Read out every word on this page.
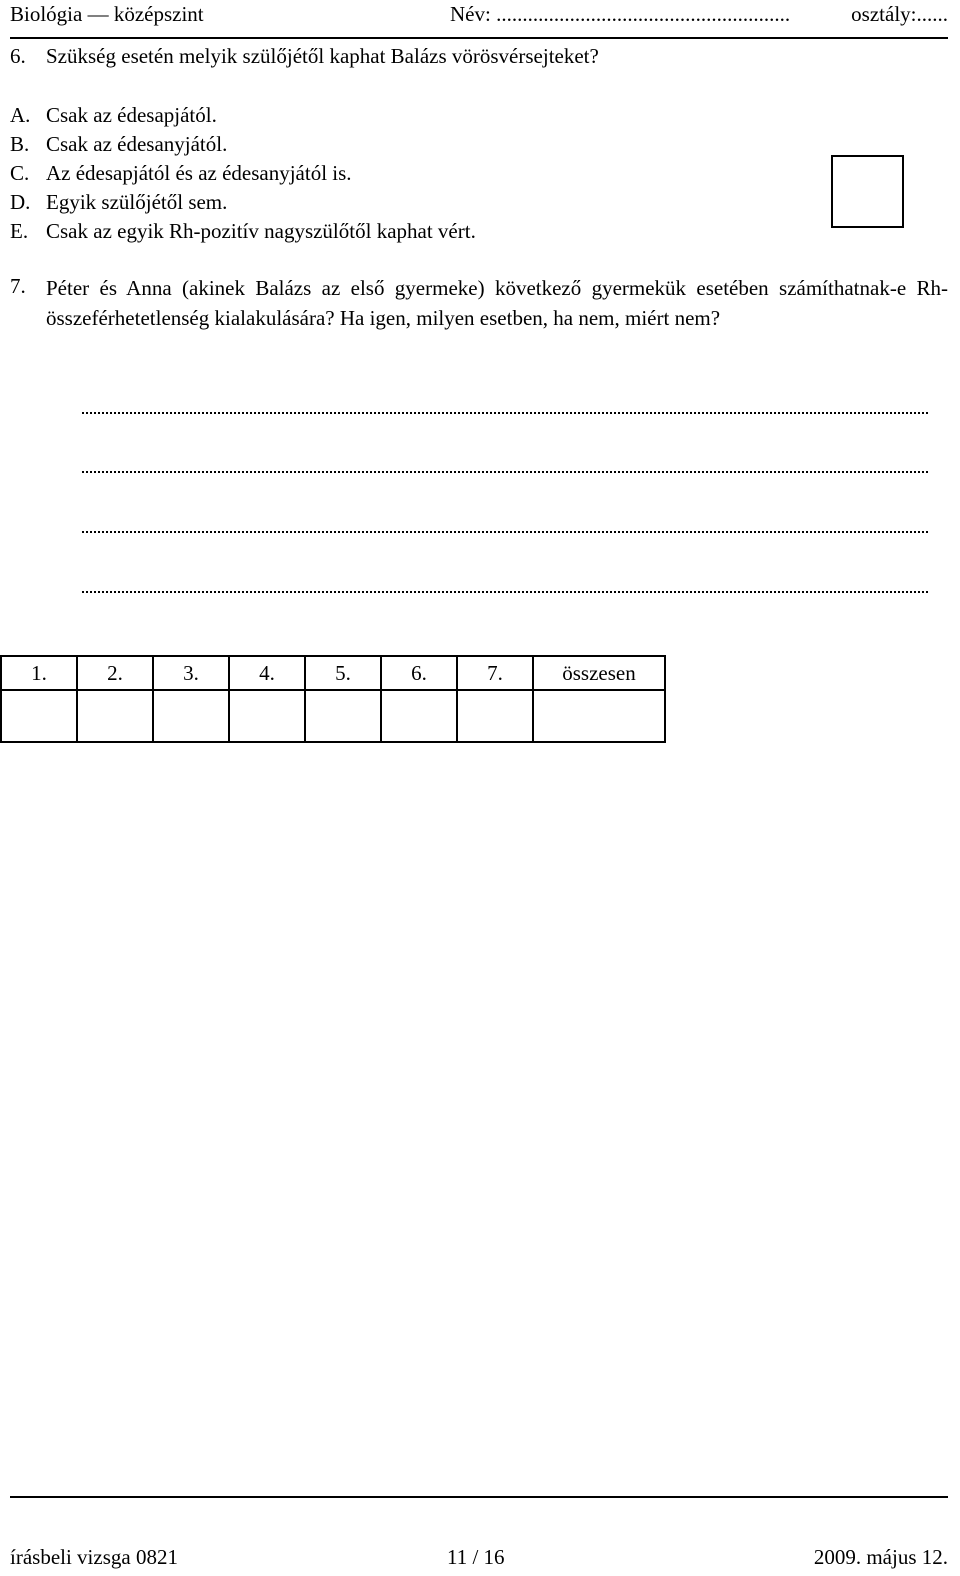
Biológia — középszint	Név: ........................................................	osztály:......
6. Szükség esetén melyik szülőjétől kaphat Balázs vörösvérsejteket?
A. Csak az édesapjától.
B. Csak az édesanyjától.
C. Az édesapjától és az édesanyjától is.
D. Egyik szülőjétől sem.
E. Csak az egyik Rh-pozitív nagyszülőtől kaphat vért.
7. Péter és Anna (akinek Balázs az első gyermeke) következő gyermekük esetében számíthatnak-e Rh-összeférhetetlenség kialakulására? Ha igen, milyen esetben, ha nem, miért nem?
1.	2.	3.	4.	5.	6.	7.	összesen

írásbeli vizsga 0821	11 / 16	2009. május 12.
